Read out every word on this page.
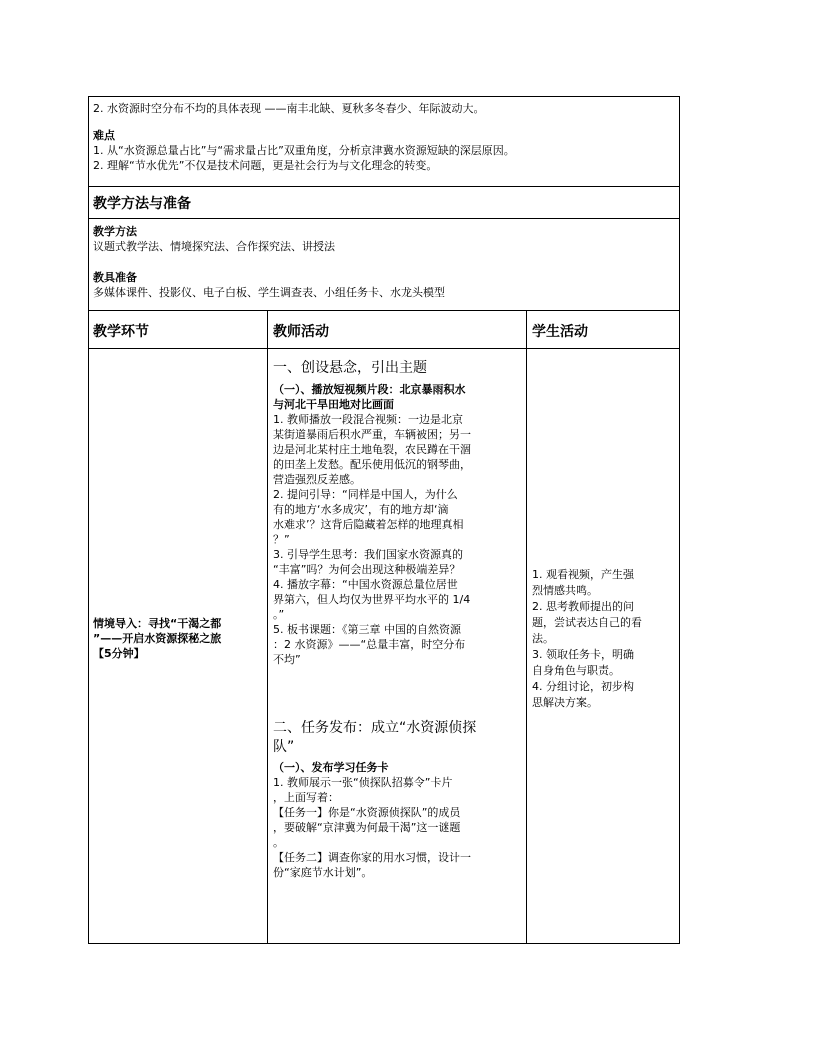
2. 水资源时空分布不均的具体表现 ——南丰北缺、夏秋多冬春少、年际波动大。

难点

1. 从“水资源总量占比”与“需求量占比”双重角度，分析京津冀水资源短缺的深层原因。

2. 理解“节水优先”不仅是技术问题，更是社会行为与文化理念的转变。

教学方法与准备

教学方法

议题式教学法、情境探究法、合作探究法、讲授法

教具准备

多媒体课件、投影仪、电子白板、学生调查表、小组任务卡、水龙头模型

教学环节	教师活动	学生活动

情境导入：寻找“干渴之都

”——开启水资源探秘之旅

【5分钟】

一、创设悬念，引出主题

（一）、播放短视频片段：北京暴雨积水

与河北干旱田地对比画面

1. 教师播放一段混合视频：一边是北京

某街道暴雨后积水严重，车辆被困；另一

边是河北某村庄土地龟裂，农民蹲在干涸

的田垄上发愁。配乐使用低沉的钢琴曲，

营造强烈反差感。

2. 提问引导：“同样是中国人，为什么

有的地方‘水多成灾’，有的地方却‘滴

水难求’？这背后隐藏着怎样的地理真相

？”

3. 引导学生思考：我们国家水资源真的

“丰富”吗？为何会出现这种极端差异？

4. 播放字幕：“中国水资源总量位居世

界第六，但人均仅为世界平均水平的 1/4

。”

5. 板书课题：《第三章 中国的自然资源

：2 水资源》——“总量丰富，时空分布

不均”

二、任务发布：成立“水资源侦探

队”

（一）、发布学习任务卡

1. 教师展示一张“侦探队招募令”卡片

，上面写着：

【任务一】你是“水资源侦探队”的成员

，要破解“京津冀为何最干渴”这一谜题

。

【任务二】调查你家的用水习惯，设计一

份“家庭节水计划”。

1. 观看视频，产生强

烈情感共鸣。

2. 思考教师提出的问

题，尝试表达自己的看

法。

3. 领取任务卡，明确

自身角色与职责。

4. 分组讨论，初步构

思解决方案。
